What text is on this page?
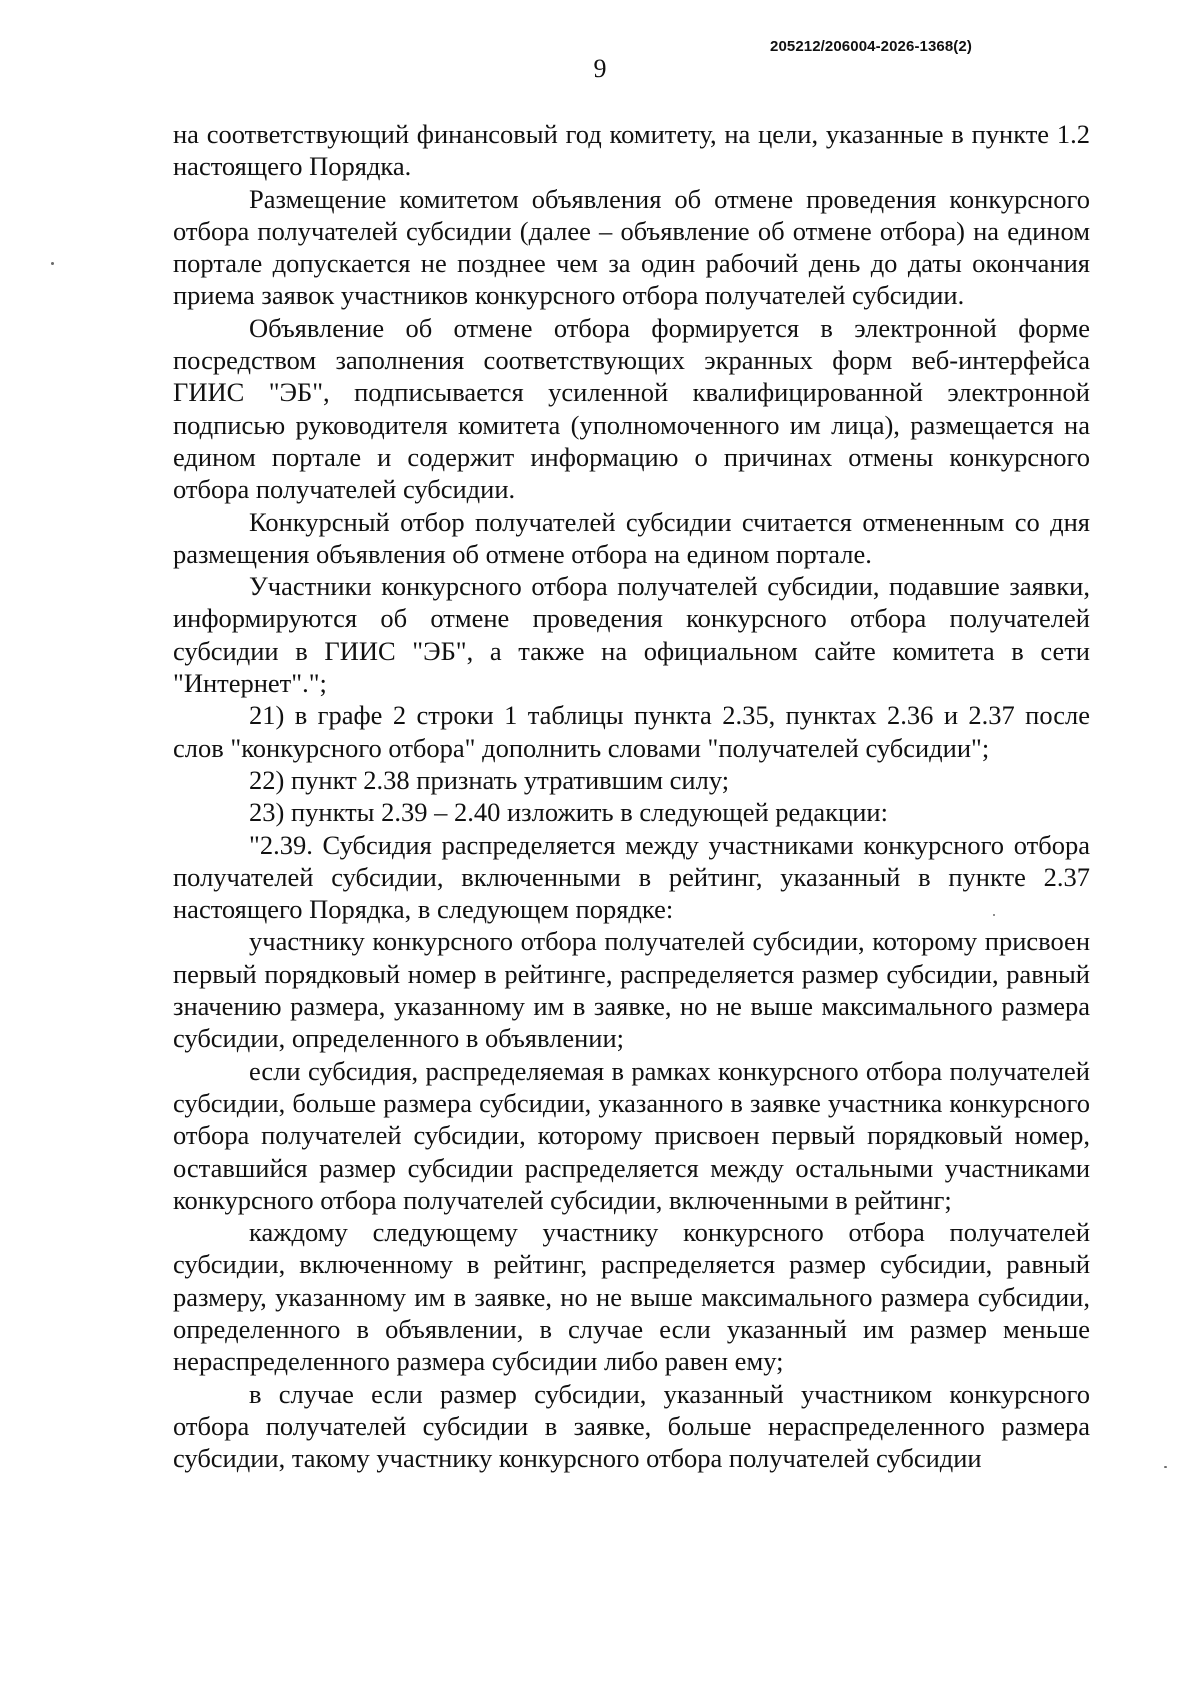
9
205212/206004-2026-1368(2)

на соответствующий финансовый год комитету, на цели, указанные в пункте 1.2 настоящего Порядка.

Размещение комитетом объявления об отмене проведения конкурсного отбора получателей субсидии (далее – объявление об отмене отбора) на едином портале допускается не позднее чем за один рабочий день до даты окончания приема заявок участников конкурсного отбора получателей субсидии.

Объявление об отмене отбора формируется в электронной форме посредством заполнения соответствующих экранных форм веб-интерфейса ГИИС "ЭБ", подписывается усиленной квалифицированной электронной подписью руководителя комитета (уполномоченного им лица), размещается на едином портале и содержит информацию о причинах отмены конкурсного отбора получателей субсидии.

Конкурсный отбор получателей субсидии считается отмененным со дня размещения объявления об отмене отбора на едином портале.

Участники конкурсного отбора получателей субсидии, подавшие заявки, информируются об отмене проведения конкурсного отбора получателей субсидии в ГИИС "ЭБ", а также на официальном сайте комитета в сети "Интернет".";

21) в графе 2 строки 1 таблицы пункта 2.35, пунктах 2.36 и 2.37 после слов "конкурсного отбора" дополнить словами "получателей субсидии";

22) пункт 2.38 признать утратившим силу;

23) пункты 2.39 – 2.40 изложить в следующей редакции:

"2.39. Субсидия распределяется между участниками конкурсного отбора получателей субсидии, включенными в рейтинг, указанный в пункте 2.37 настоящего Порядка, в следующем порядке:

участнику конкурсного отбора получателей субсидии, которому присвоен первый порядковый номер в рейтинге, распределяется размер субсидии, равный значению размера, указанному им в заявке, но не выше максимального размера субсидии, определенного в объявлении;

если субсидия, распределяемая в рамках конкурсного отбора получателей субсидии, больше размера субсидии, указанного в заявке участника конкурсного отбора получателей субсидии, которому присвоен первый порядковый номер, оставшийся размер субсидии распределяется между остальными участниками конкурсного отбора получателей субсидии, включенными в рейтинг;

каждому следующему участнику конкурсного отбора получателей субсидии, включенному в рейтинг, распределяется размер субсидии, равный размеру, указанному им в заявке, но не выше максимального размера субсидии, определенного в объявлении, в случае если указанный им размер меньше нераспределенного размера субсидии либо равен ему;

в случае если размер субсидии, указанный участником конкурсного отбора получателей субсидии в заявке, больше нераспределенного размера субсидии, такому участнику конкурсного отбора получателей субсидии
